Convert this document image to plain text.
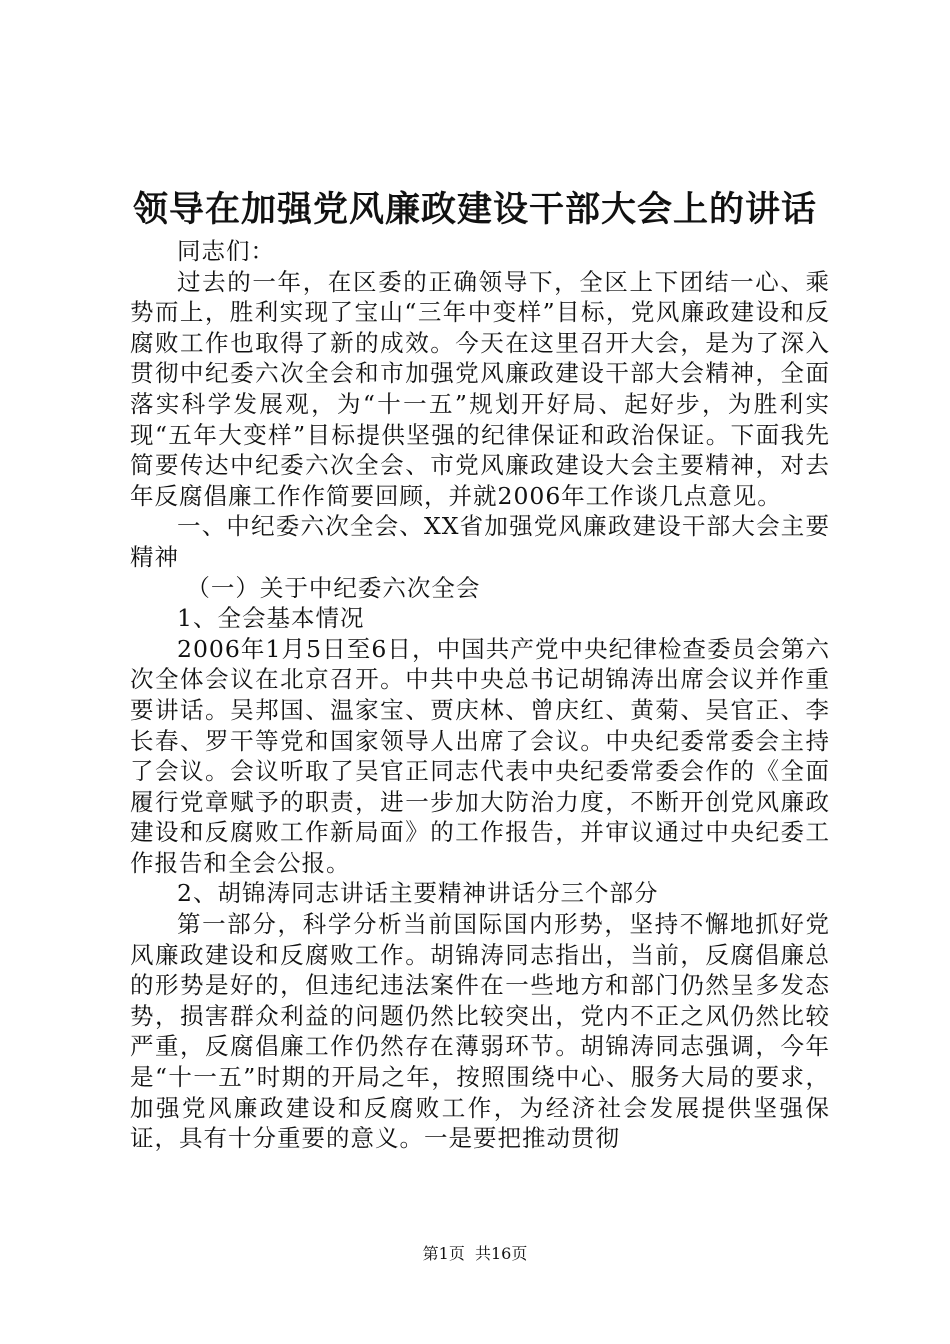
领导在加强党风廉政建设干部大会上的讲话

同志们：

过去的一年，在区委的正确领导下，全区上下团结一心、乘势而上，胜利实现了宝山“三年中变样”目标，党风廉政建设和反腐败工作也取得了新的成效。今天在这里召开大会，是为了深入贯彻中纪委六次全会和市加强党风廉政建设干部大会精神，全面落实科学发展观，为“十一五”规划开好局、起好步，为胜利实现“五年大变样”目标提供坚强的纪律保证和政治保证。下面我先简要传达中纪委六次全会、市党风廉政建设大会主要精神，对去年反腐倡廉工作作简要回顾，并就2006年工作谈几点意见。

一、中纪委六次全会、XX省加强党风廉政建设干部大会主要精神

（一）关于中纪委六次全会

1、全会基本情况

2006年1月5日至6日，中国共产党中央纪律检查委员会第六次全体会议在北京召开。中共中央总书记胡锦涛出席会议并作重要讲话。吴邦国、温家宝、贾庆林、曾庆红、黄菊、吴官正、李长春、罗干等党和国家领导人出席了会议。中央纪委常委会主持了会议。会议听取了吴官正同志代表中央纪委常委会作的《全面履行党章赋予的职责，进一步加大防治力度，不断开创党风廉政建设和反腐败工作新局面》的工作报告，并审议通过中央纪委工作报告和全会公报。

2、胡锦涛同志讲话主要精神讲话分三个部分

第一部分，科学分析当前国际国内形势，坚持不懈地抓好党风廉政建设和反腐败工作。胡锦涛同志指出，当前，反腐倡廉总的形势是好的，但违纪违法案件在一些地方和部门仍然呈多发态势，损害群众利益的问题仍然比较突出，党内不正之风仍然比较严重，反腐倡廉工作仍然存在薄弱环节。胡锦涛同志强调，今年是“十一五”时期的开局之年，按照围绕中心、服务大局的要求，加强党风廉政建设和反腐败工作，为经济社会发展提供坚强保证，具有十分重要的意义。一是要把推动贯彻

第1页  共16页
